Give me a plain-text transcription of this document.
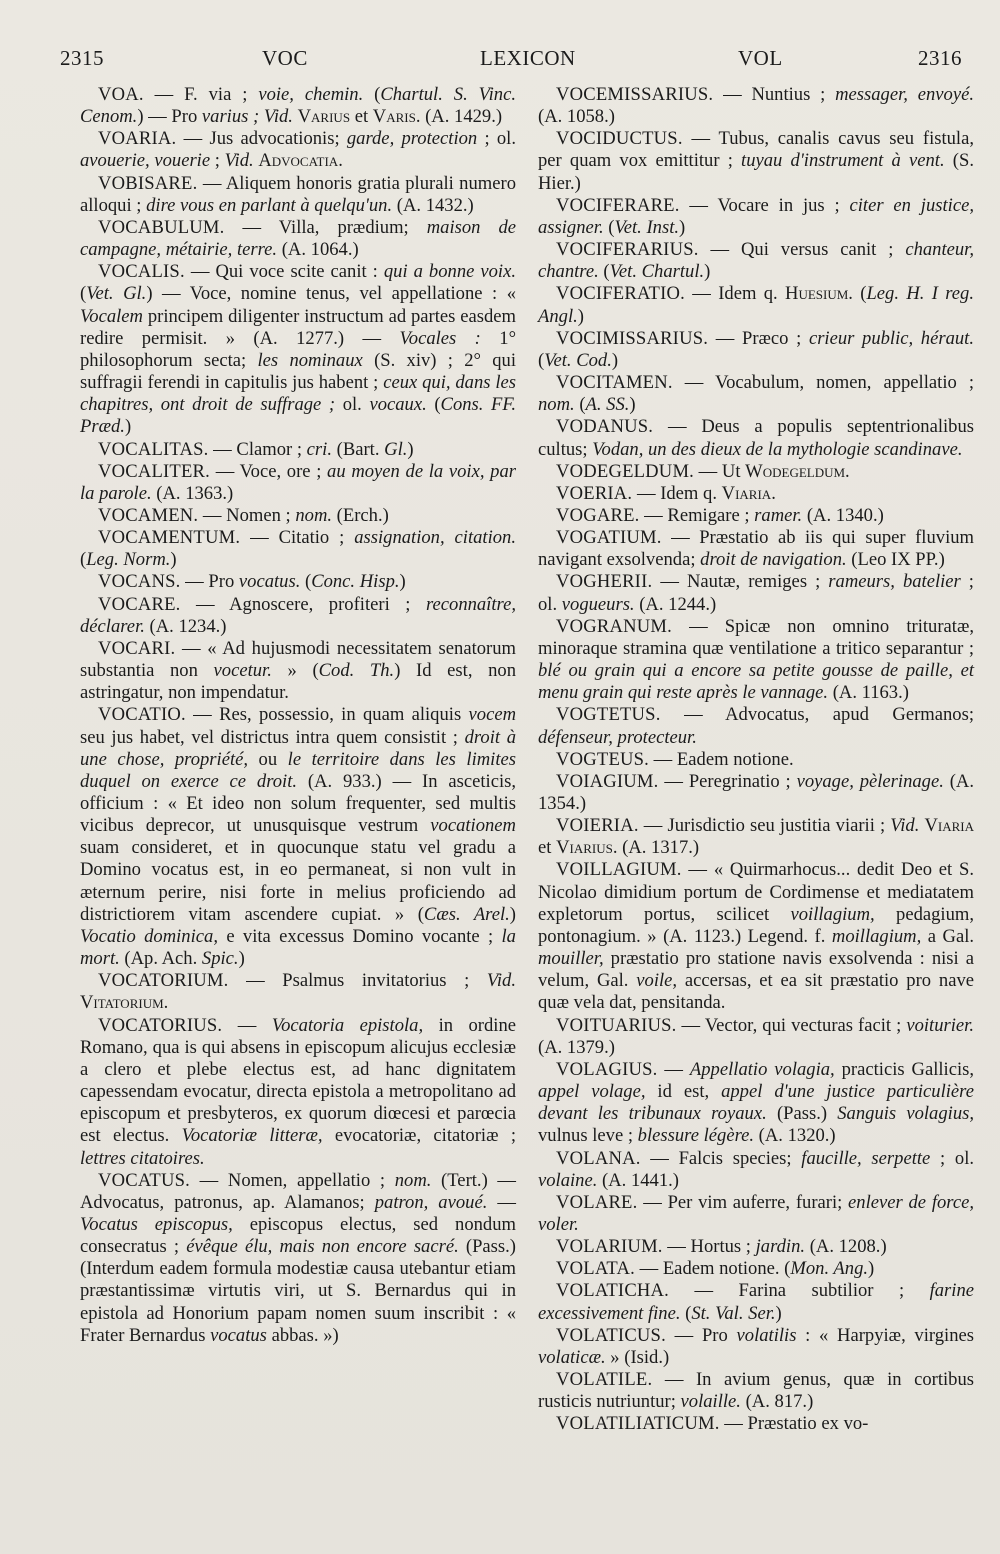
2315	VOC	LEXICON	VOL	2316

VOA. — F. via ; voie, chemin. (Chartul. S. Vinc. Cenom.) — Pro varius ; Vid. Varius et Varis. (A. 1429.)

VOARIA. — Jus advocationis; garde, protection ; ol. avouerie, vouerie ; Vid. Advocatia.

VOBISARE. — Aliquem honoris gratia plurali numero alloqui ; dire vous en parlant à quelqu'un. (A. 1432.)

VOCABULUM. — Villa, prædium; maison de campagne, métairie, terre. (A. 1064.)

VOCALIS. — Qui voce scite canit : qui a bonne voix. (Vet. Gl.) — Voce, nomine tenus, vel appellatione : « Vocalem principem diligenter instructum ad partes easdem redire permisit. » (A. 1277.) — Vocales : 1° philosophorum secta; les nominaux (S. xiv) ; 2° qui suffragii ferendi in capitulis jus habent ; ceux qui, dans les chapitres, ont droit de suffrage ; ol. vocaux. (Cons. FF. Præd.)

VOCALITAS. — Clamor ; cri. (Bart. Gl.)

VOCALITER. — Voce, ore ; au moyen de la voix, par la parole. (A. 1363.)

VOCAMEN. — Nomen ; nom. (Erch.)

VOCAMENTUM. — Citatio ; assignation, citation. (Leg. Norm.)

VOCANS. — Pro vocatus. (Conc. Hisp.)

VOCARE. — Agnoscere, profiteri ; reconnaître, déclarer. (A. 1234.)

VOCARI. — « Ad hujusmodi necessitatem senatorum substantia non vocetur. » (Cod. Th.) Id est, non astringatur, non impendatur.

VOCATIO. — Res, possessio, in quam aliquis vocem seu jus habet, vel districtus intra quem consistit ; droit à une chose, propriété, ou le territoire dans les limites duquel on exerce ce droit. (A. 933.) — In asceticis, officium : « Et ideo non solum frequenter, sed multis vicibus deprecor, ut unusquisque vestrum vocationem suam consideret, et in quocunque statu vel gradu a Domino vocatus est, in eo permaneat, si non vult in æternum perire, nisi forte in melius proficiendo ad districtiorem vitam ascendere cupiat. » (Cæs. Arel.) Vocatio dominica, e vita excessus Domino vocante ; la mort. (Ap. Ach. Spic.)

VOCATORIUM. — Psalmus invitatorius ; Vid. Vitatorium.

VOCATORIUS. — Vocatoria epistola, in ordine Romano, qua is qui absens in episcopum alicujus ecclesiæ a clero et plebe electus est, ad hanc dignitatem capessendam evocatur, directa epistola a metropolitano ad episcopum et presbyteros, ex quorum diœcesi et parœcia est electus. Vocatoriæ litteræ, evocatoriæ, citatoriæ ; lettres citatoires.

VOCATUS. — Nomen, appellatio ; nom. (Tert.) — Advocatus, patronus, ap. Alamanos; patron, avoué. — Vocatus episcopus, episcopus electus, sed nondum consecratus ; évêque élu, mais non encore sacré. (Pass.) (Interdum eadem formula modestiæ causa utebantur etiam præstantissimæ virtutis viri, ut S. Bernardus qui in epistola ad Honorium papam nomen suum inscribit : « Frater Bernardus vocatus abbas. »)

VOCEMISSARIUS. — Nuntius ; messager, envoyé. (A. 1058.)

VOCIDUCTUS. — Tubus, canalis cavus seu fistula, per quam vox emittitur ; tuyau d'instrument à vent. (S. Hier.)

VOCIFERARE. — Vocare in jus ; citer en justice, assigner. (Vet. Inst.)

VOCIFERARIUS. — Qui versus canit ; chanteur, chantre. (Vet. Chartul.)

VOCIFERATIO. — Idem q. Huesium. (Leg. H. I reg. Angl.)

VOCIMISSARIUS. — Præco ; crieur public, héraut. (Vet. Cod.)

VOCITAMEN. — Vocabulum, nomen, appellatio ; nom. (A. SS.)

VODANUS. — Deus a populis septentrionalibus cultus; Vodan, un des dieux de la mythologie scandinave.

VODEGELDUM. — Ut Wodegeldum.

VOERIA. — Idem q. Viaria.

VOGARE. — Remigare ; ramer. (A. 1340.)

VOGATIUM. — Præstatio ab iis qui super fluvium navigant exsolvenda; droit de navigation. (Leo IX PP.)

VOGHERII. — Nautæ, remiges ; rameurs, batelier ; ol. vogueurs. (A. 1244.)

VOGRANUM. — Spicæ non omnino trituratæ, minoraque stramina quæ ventilatione a tritico separantur ; blé ou grain qui a encore sa petite gousse de paille, et menu grain qui reste après le vannage. (A. 1163.)

VOGTETUS. — Advocatus, apud Germanos; défenseur, protecteur.

VOGTEUS. — Eadem notione.

VOIAGIUM. — Peregrinatio ; voyage, pèlerinage. (A. 1354.)

VOIERIA. — Jurisdictio seu justitia viarii ; Vid. Viaria et Viarius. (A. 1317.)

VOILLAGIUM. — « Quirmarhocus... dedit Deo et S. Nicolao dimidium portum de Cordimense et mediatatem expletorum portus, scilicet voillagium, pedagium, pontonagium. » (A. 1123.) Legend. f. moillagium, a Gal. mouiller, præstatio pro statione navis exsolvenda : nisi a velum, Gal. voile, accersas, et ea sit præstatio pro nave quæ vela dat, pensitanda.

VOITUARIUS. — Vector, qui vecturas facit ; voiturier. (A. 1379.)

VOLAGIUS. — Appellatio volagia, practicis Gallicis, appel volage, id est, appel d'une justice particulière devant les tribunaux royaux. (Pass.) Sanguis volagius, vulnus leve ; blessure légère. (A. 1320.)

VOLANA. — Falcis species; faucille, serpette ; ol. volaine. (A. 1441.)

VOLARE. — Per vim auferre, furari; enlever de force, voler.

VOLARIUM. — Hortus ; jardin. (A. 1208.)

VOLATA. — Eadem notione. (Mon. Ang.)

VOLATICHA. — Farina subtilior ; farine excessivement fine. (St. Val. Ser.)

VOLATICUS. — Pro volatilis : « Harpyiæ, virgines volaticæ. » (Isid.)

VOLATILE. — In avium genus, quæ in cortibus rusticis nutriuntur; volaille. (A. 817.)

VOLATILIATICUM. — Præstatio ex vo-
